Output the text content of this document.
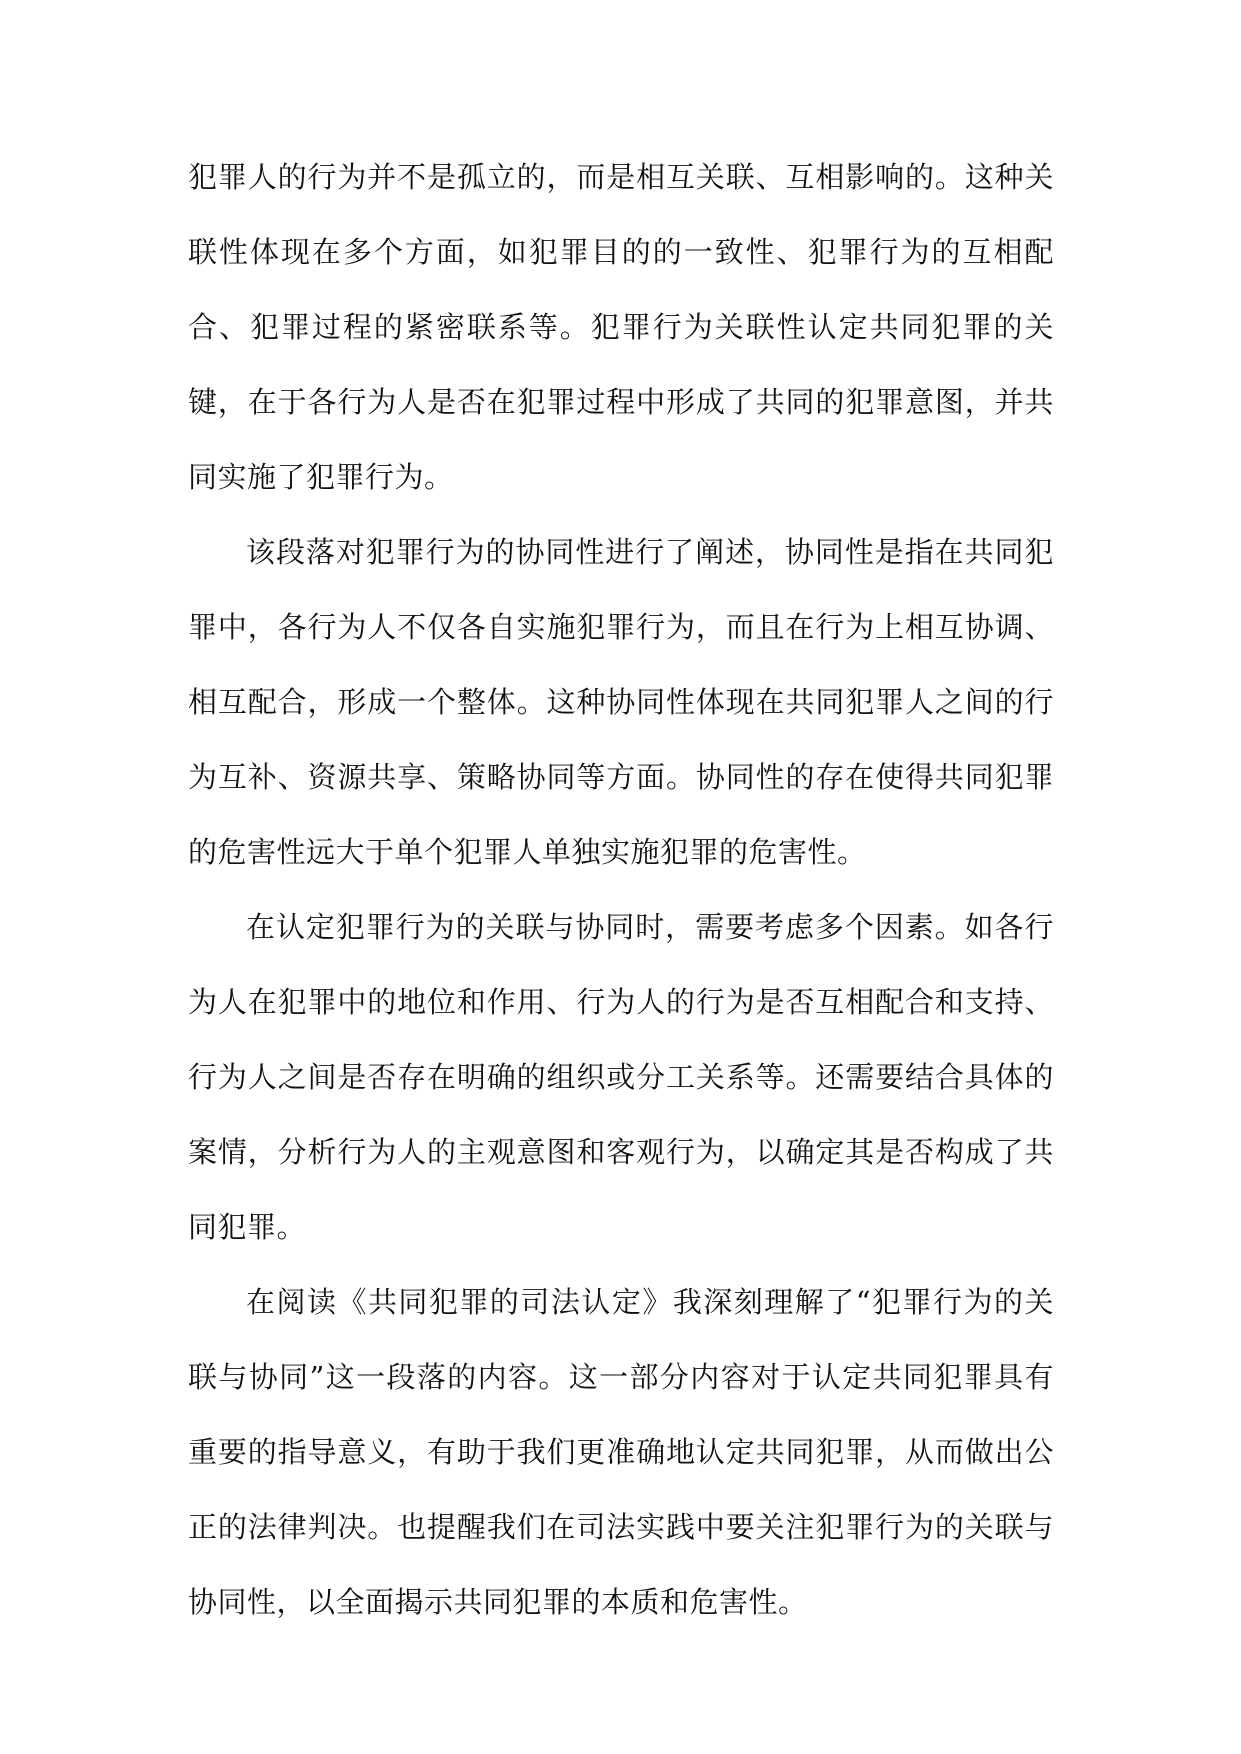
犯罪人的行为并不是孤立的，而是相互关联、互相影响的。这种关联性体现在多个方面，如犯罪目的的一致性、犯罪行为的互相配合、犯罪过程的紧密联系等。犯罪行为关联性认定共同犯罪的关键，在于各行为人是否在犯罪过程中形成了共同的犯罪意图，并共同实施了犯罪行为。

该段落对犯罪行为的协同性进行了阐述，协同性是指在共同犯罪中，各行为人不仅各自实施犯罪行为，而且在行为上相互协调、相互配合，形成一个整体。这种协同性体现在共同犯罪人之间的行为互补、资源共享、策略协同等方面。协同性的存在使得共同犯罪的危害性远大于单个犯罪人单独实施犯罪的危害性。

在认定犯罪行为的关联与协同时，需要考虑多个因素。如各行为人在犯罪中的地位和作用、行为人的行为是否互相配合和支持、行为人之间是否存在明确的组织或分工关系等。还需要结合具体的案情，分析行为人的主观意图和客观行为，以确定其是否构成了共同犯罪。

在阅读《共同犯罪的司法认定》我深刻理解了“犯罪行为的关联与协同”这一段落的内容。这一部分内容对于认定共同犯罪具有重要的指导意义，有助于我们更准确地认定共同犯罪，从而做出公正的法律判决。也提醒我们在司法实践中要关注犯罪行为的关联与协同性，以全面揭示共同犯罪的本质和危害性。
